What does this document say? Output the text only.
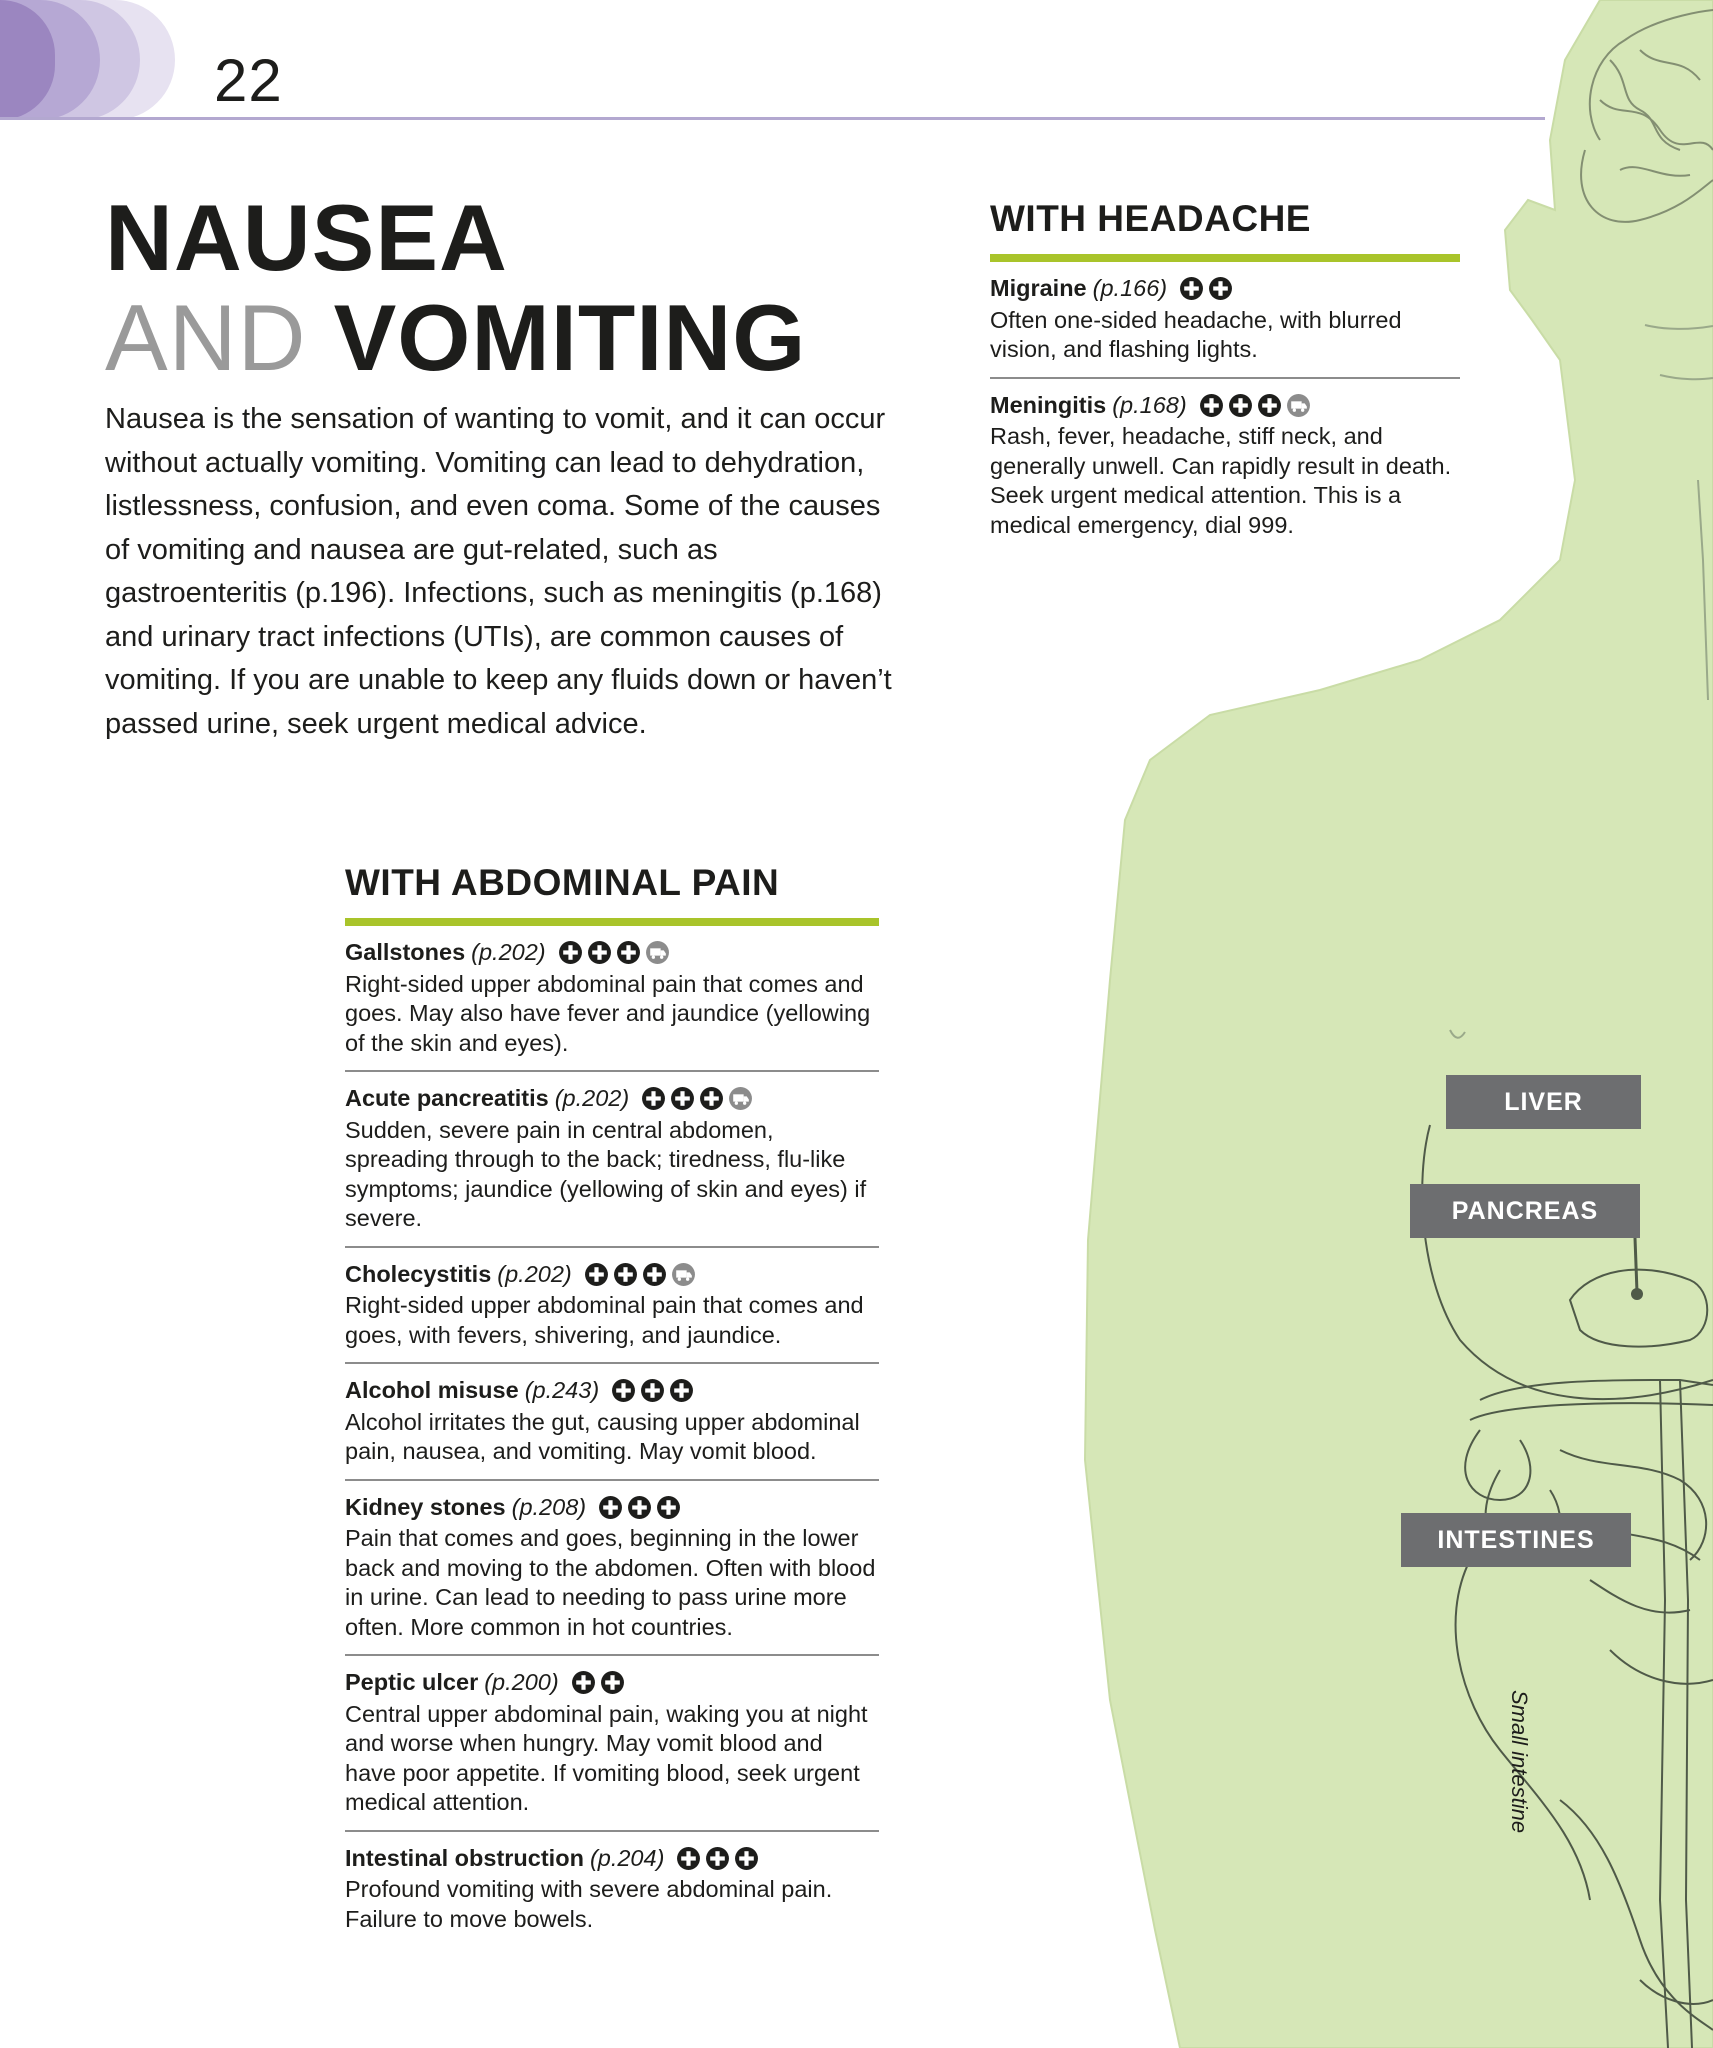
22
NAUSEA
AND VOMITING

Nausea is the sensation of wanting to vomit, and it can occur without actually vomiting. Vomiting can lead to dehydration, listlessness, confusion, and even coma. Some of the causes of vomiting and nausea are gut-related, such as gastroenteritis (p.196). Infections, such as meningitis (p.168) and urinary tract infections (UTIs), are common causes of vomiting. If you are unable to keep any fluids down or haven’t passed urine, seek urgent medical advice.

WITH HEADACHE
Migraine (p.166)

Often one-sided headache, with blurred vision, and flashing lights.

Meningitis (p.168)

Rash, fever, headache, stiff neck, and generally unwell. Can rapidly result in death. Seek urgent medical attention. This is a medical emergency, dial 999.

WITH ABDOMINAL PAIN
Gallstones (p.202)

Right-sided upper abdominal pain that comes and goes. May also have fever and jaundice (yellowing of the skin and eyes).

Acute pancreatitis (p.202)

Sudden, severe pain in central abdomen, spreading through to the back; tiredness, flu-like symptoms; jaundice (yellowing of skin and eyes) if severe.

Cholecystitis (p.202)

Right-sided upper abdominal pain that comes and goes, with fevers, shivering, and jaundice.

Alcohol misuse (p.243)

Alcohol irritates the gut, causing upper abdominal pain, nausea, and vomiting. May vomit blood.

Kidney stones (p.208)

Pain that comes and goes, beginning in the lower back and moving to the abdomen. Often with blood in urine. Can lead to needing to pass urine more often. More common in hot countries.

Peptic ulcer (p.200)

Central upper abdominal pain, waking you at night and worse when hungry. May vomit blood and have poor appetite. If vomiting blood, seek urgent medical attention.

Intestinal obstruction (p.204)

Profound vomiting with severe abdominal pain. Failure to move bowels.

LIVER
PANCREAS
INTESTINES
Small intestine
